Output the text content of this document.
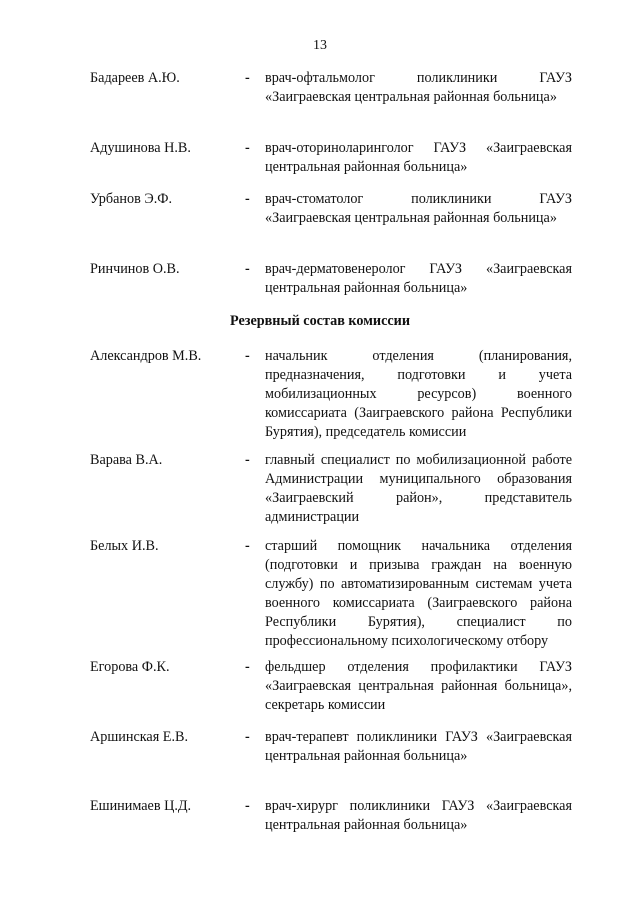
13
Бадареев А.Ю.	- врач-офтальмолог поликлиники ГАУЗ «Заиграевская центральная районная больница»
Адушинова Н.В.	- врач-оториноларинголог ГАУЗ «Заиграевская центральная районная больница»
Урбанов Э.Ф.	- врач-стоматолог поликлиники ГАУЗ «Заиграевская центральная районная больница»
Ринчинов О.В.	- врач-дерматовенеролог ГАУЗ «Заиграевская центральная районная больница»
Резервный состав комиссии
Александров М.В.	- начальник отделения (планирования, предназначения, подготовки и учета мобилизационных ресурсов) военного комиссариата (Заиграевского района Республики Бурятия), председатель комиссии
Варава В.А.	- главный специалист по мобилизационной работе Администрации муниципального образования «Заиграевский район», представитель администрации
Белых И.В.	- старший помощник начальника отделения (подготовки и призыва граждан на военную службу) по автоматизированным системам учета военного комиссариата (Заиграевского района Республики Бурятия), специалист по профессиональному психологическому отбору
Егорова Ф.К.	- фельдшер отделения профилактики ГАУЗ «Заиграевская центральная районная больница», секретарь комиссии
Аршинская Е.В.	- врач-терапевт поликлиники ГАУЗ «Заиграевская центральная районная больница»
Ешинимаев Ц.Д.	- врач-хирург поликлиники ГАУЗ «Заиграевская центральная районная больница»
